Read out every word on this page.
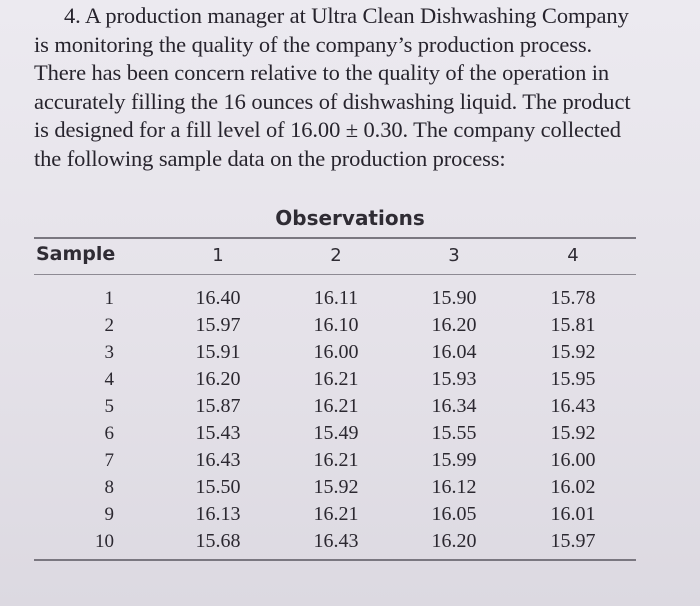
4. A production manager at Ultra Clean Dishwashing Company
is monitoring the quality of the company’s production process.
There has been concern relative to the quality of the operation in
accurately filling the 16 ounces of dishwashing liquid. The product
is designed for a fill level of 16.00 ± 0.30. The company collected
the following sample data on the production process:
Observations
Sample	1	2	3	4
1	16.40	16.11	15.90	15.78
2	15.97	16.10	16.20	15.81
3	15.91	16.00	16.04	15.92
4	16.20	16.21	15.93	15.95
5	15.87	16.21	16.34	16.43
6	15.43	15.49	15.55	15.92
7	16.43	16.21	15.99	16.00
8	15.50	15.92	16.12	16.02
9	16.13	16.21	16.05	16.01
10	15.68	16.43	16.20	15.97
